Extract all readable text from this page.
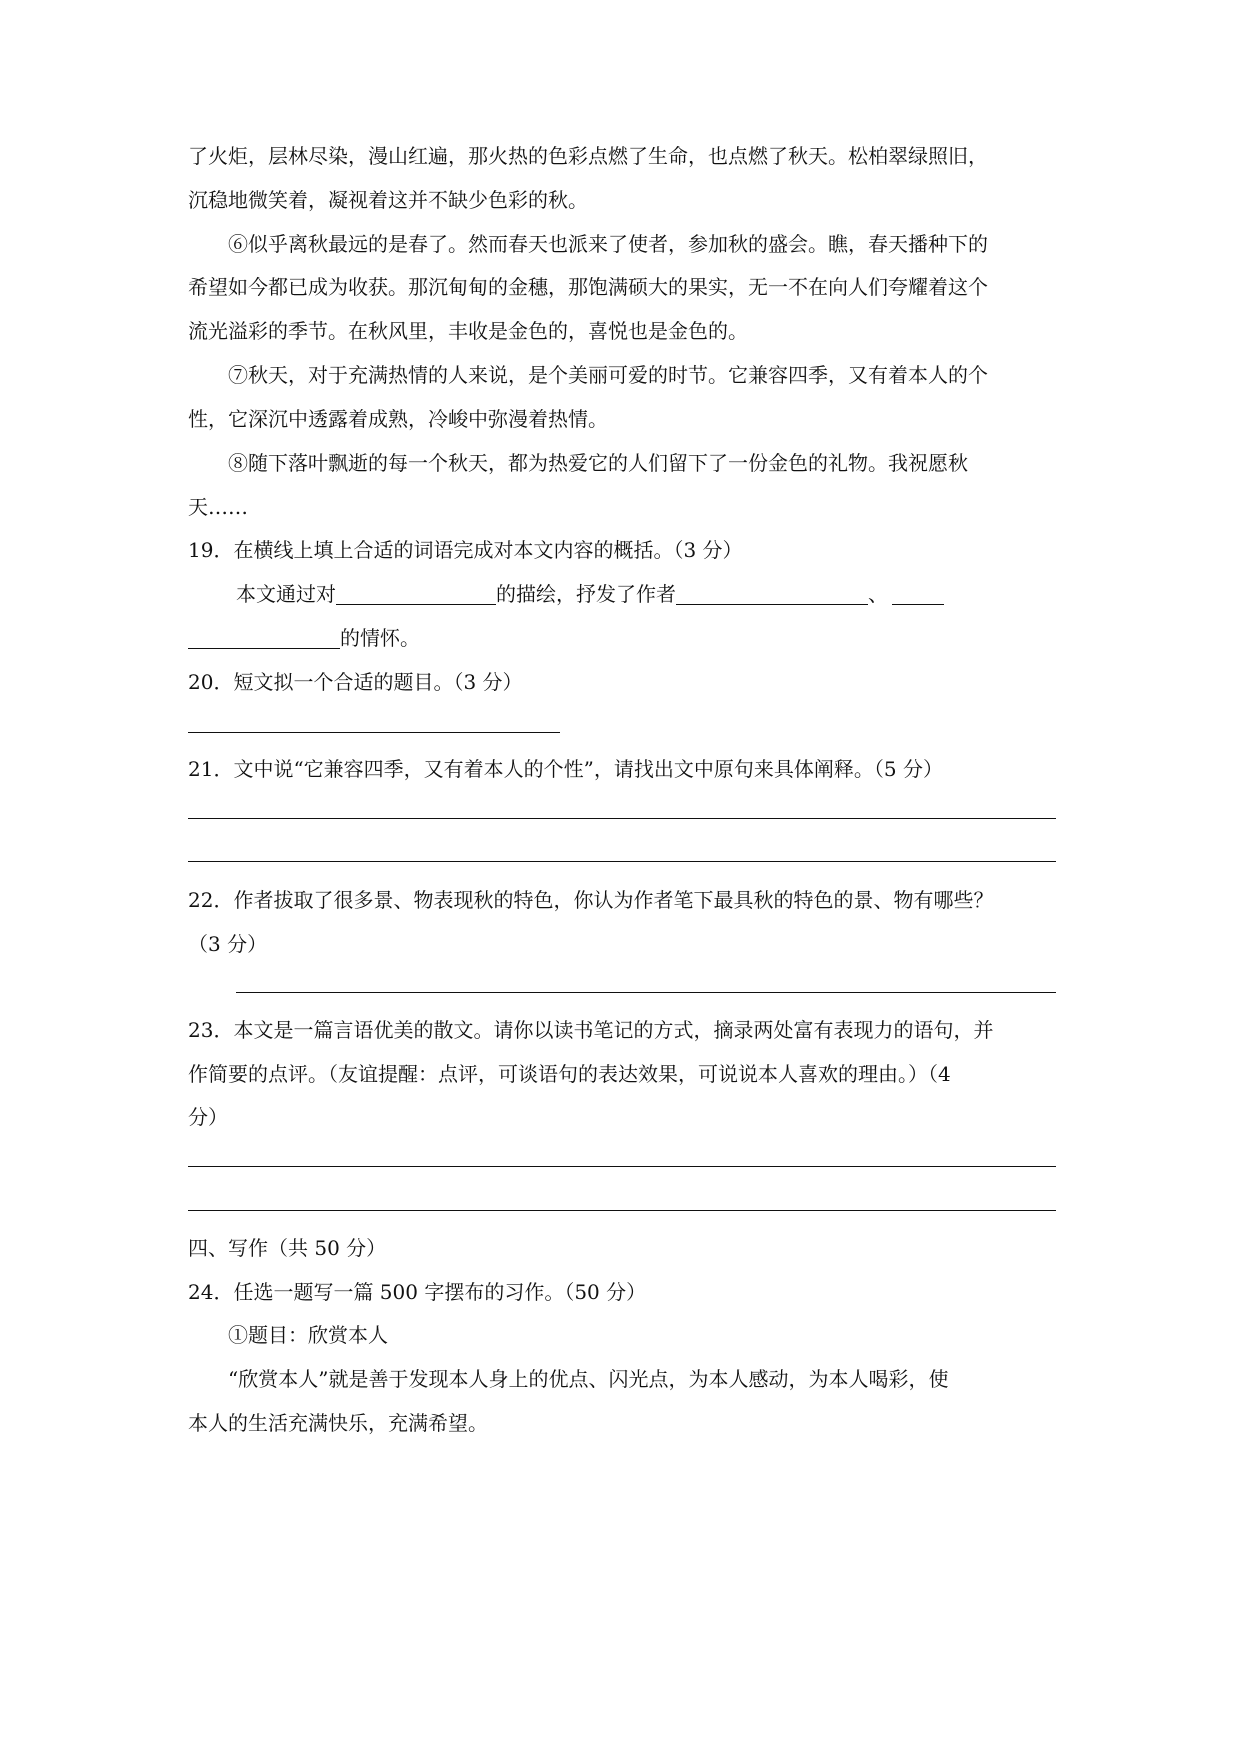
了火炬，层林尽染，漫山红遍，那火热的色彩点燃了生命，也点燃了秋天。松柏翠绿照旧，
沉稳地微笑着，凝视着这并不缺少色彩的秋。
⑥似乎离秋最远的是春了。然而春天也派来了使者，参加秋的盛会。瞧，春天播种下的
希望如今都已成为收获。那沉甸甸的金穗，那饱满硕大的果实，无一不在向人们夸耀着这个
流光溢彩的季节。在秋风里，丰收是金色的，喜悦也是金色的。
⑦秋天，对于充满热情的人来说，是个美丽可爱的时节。它兼容四季，又有着本人的个
性，它深沉中透露着成熟，冷峻中弥漫着热情。
⑧随下落叶飘逝的每一个秋天，都为热爱它的人们留下了一份金色的礼物。我祝愿秋
天……
19．在横线上填上合适的词语完成对本文内容的概括。（3 分）
本文通过对	的描绘，抒发了作者	、
的情怀。
20．短文拟一个合适的题目。（3 分）
21．文中说“它兼容四季，又有着本人的个性”，请找出文中原句来具体阐释。（5 分）
22．作者拔取了很多景、物表现秋的特色，你认为作者笔下最具秋的特色的景、物有哪些？
（3 分）
23．本文是一篇言语优美的散文。请你以读书笔记的方式，摘录两处富有表现力的语句，并
作简要的点评。（友谊提醒：点评，可谈语句的表达效果，可说说本人喜欢的理由。）（4
分）
四、写作（共 50 分）
24．任选一题写一篇 500 字摆布的习作。（50 分）
①题目：欣赏本人
“欣赏本人”就是善于发现本人身上的优点、闪光点，为本人感动，为本人喝彩，使
本人的生活充满快乐，充满希望。
